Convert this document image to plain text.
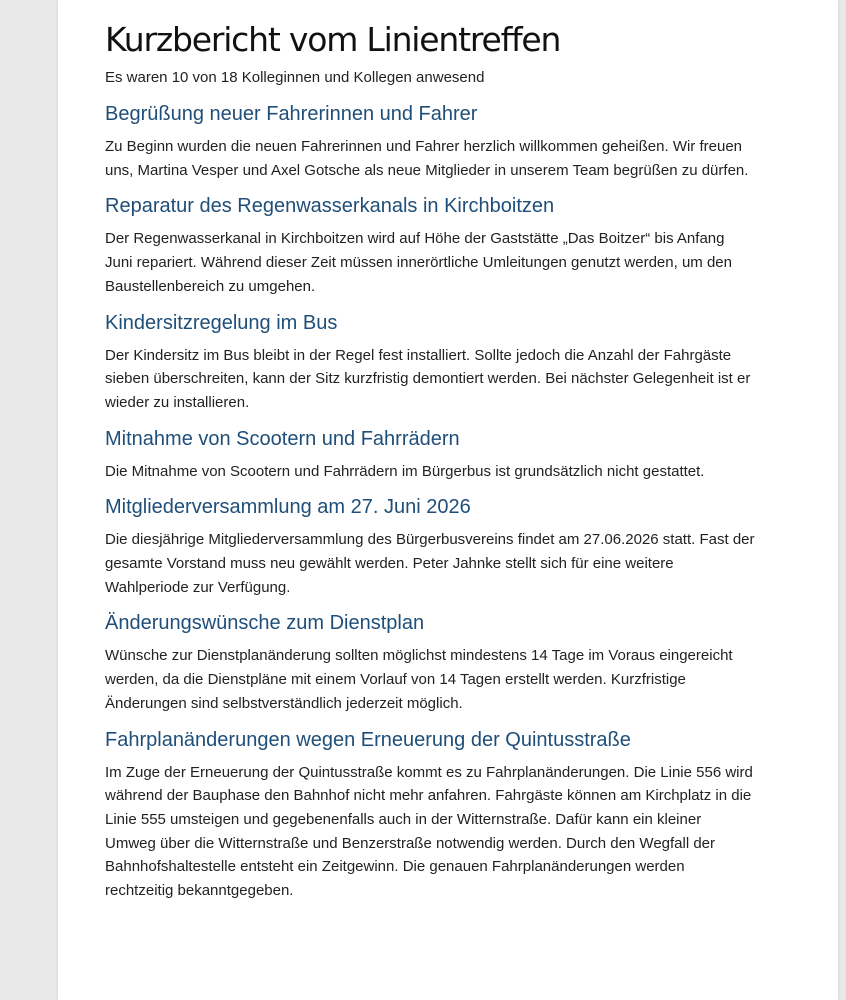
Kurzbericht vom Linientreffen

Es waren 10 von 18 Kolleginnen und Kollegen anwesend

Begrüßung neuer Fahrerinnen und Fahrer

Zu Beginn wurden die neuen Fahrerinnen und Fahrer herzlich willkommen geheißen. Wir freuen uns, Martina Vesper und Axel Gotsche als neue Mitglieder in unserem Team begrüßen zu dürfen.

Reparatur des Regenwasserkanals in Kirchboitzen

Der Regenwasserkanal in Kirchboitzen wird auf Höhe der Gaststätte „Das Boitzer“ bis Anfang Juni repariert. Während dieser Zeit müssen innerörtliche Umleitungen genutzt werden, um den Baustellenbereich zu umgehen.

Kindersitzregelung im Bus

Der Kindersitz im Bus bleibt in der Regel fest installiert. Sollte jedoch die Anzahl der Fahrgäste sieben überschreiten, kann der Sitz kurzfristig demontiert werden. Bei nächster Gelegenheit ist er wieder zu installieren.

Mitnahme von Scootern und Fahrrädern

Die Mitnahme von Scootern und Fahrrädern im Bürgerbus ist grundsätzlich nicht gestattet.

Mitgliederversammlung am 27. Juni 2026

Die diesjährige Mitgliederversammlung des Bürgerbusvereins findet am 27.06.2026 statt. Fast der gesamte Vorstand muss neu gewählt werden. Peter Jahnke stellt sich für eine weitere Wahlperiode zur Verfügung.

Änderungswünsche zum Dienstplan

Wünsche zur Dienstplanänderung sollten möglichst mindestens 14 Tage im Voraus eingereicht werden, da die Dienstpläne mit einem Vorlauf von 14 Tagen erstellt werden. Kurzfristige Änderungen sind selbstverständlich jederzeit möglich.

Fahrplanänderungen wegen Erneuerung der Quintusstraße

Im Zuge der Erneuerung der Quintusstraße kommt es zu Fahrplanänderungen. Die Linie 556 wird während der Bauphase den Bahnhof nicht mehr anfahren. Fahrgäste können am Kirchplatz in die Linie 555 umsteigen und gegebenenfalls auch in der Witternstraße. Dafür kann ein kleiner Umweg über die Witternstraße und Benzerstraße notwendig werden. Durch den Wegfall der Bahnhofshaltestelle entsteht ein Zeitgewinn. Die genauen Fahrplanänderungen werden rechtzeitig bekanntgegeben.
